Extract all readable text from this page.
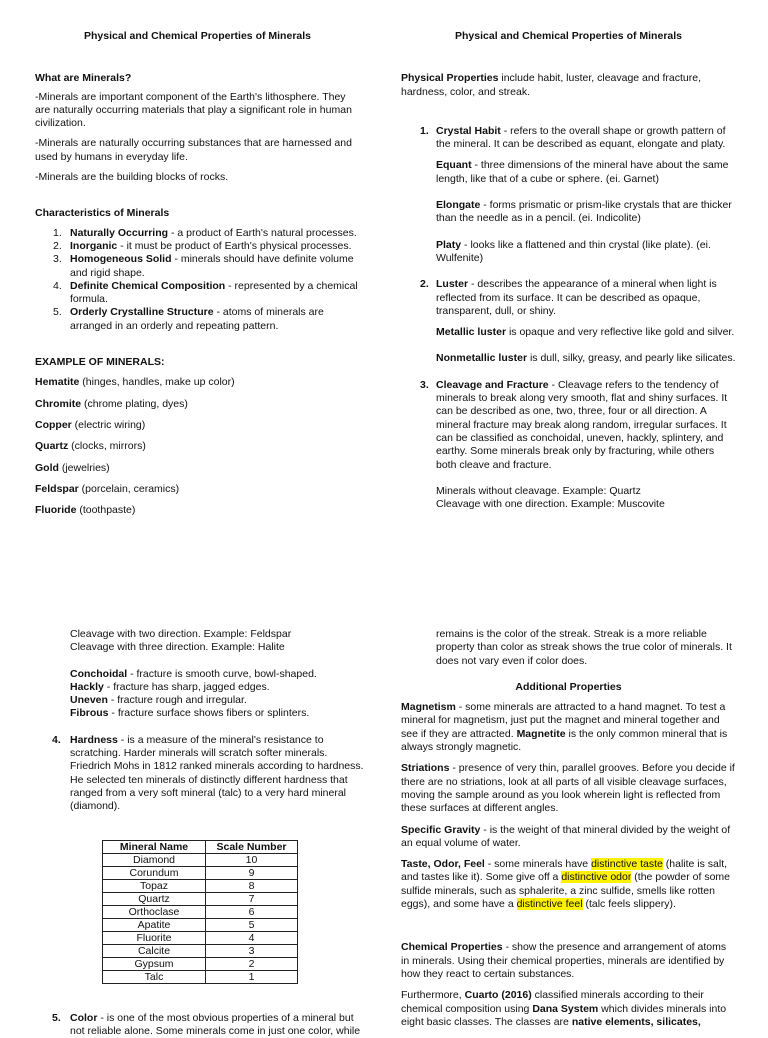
Physical and Chemical Properties of Minerals

What are Minerals?

-Minerals are important component of the Earth's lithosphere. They are naturally occurring materials that play a significant role in human civilization.

-Minerals are naturally occurring substances that are harnessed and used by humans in everyday life.

-Minerals are the building blocks of rocks.

Characteristics of Minerals

1. Naturally Occurring - a product of Earth's natural processes.
2. Inorganic - it must be product of Earth's physical processes.
3. Homogeneous Solid - minerals should have definite volume and rigid shape.
4. Definite Chemical Composition - represented by a chemical formula.
5. Orderly Crystalline Structure - atoms of minerals are arranged in an orderly and repeating pattern.

EXAMPLE OF MINERALS:

Hematite (hinges, handles, make up color)

Chromite (chrome plating, dyes)

Copper (electric wiring)

Quartz (clocks, mirrors)

Gold (jewelries)

Feldspar (porcelain, ceramics)

Fluoride (toothpaste)

Physical and Chemical Properties of Minerals

Physical Properties include habit, luster, cleavage and fracture, hardness, color, and streak.

1. Crystal Habit - refers to the overall shape or growth pattern of the mineral. It can be described as equant, elongate and platy.

Equant - three dimensions of the mineral have about the same length, like that of a cube or sphere. (ei. Garnet)

Elongate - forms prismatic or prism-like crystals that are thicker than the needle as in a pencil. (ei. Indicolite)

Platy - looks like a flattened and thin crystal (like plate). (ei. Wulfenite)

2. Luster - describes the appearance of a mineral when light is reflected from its surface. It can be described as opaque, transparent, dull, or shiny.

Metallic luster is opaque and very reflective like gold and silver.

Nonmetallic luster is dull, silky, greasy, and pearly like silicates.

3. Cleavage and Fracture - Cleavage refers to the tendency of minerals to break along very smooth, flat and shiny surfaces. It can be described as one, two, three, four or all direction. A mineral fracture may break along random, irregular surfaces. It can be classified as conchoidal, uneven, hackly, splintery, and earthy. Some minerals break only by fracturing, while others both cleave and fracture.

Minerals without cleavage. Example: Quartz

Cleavage with one direction. Example: Muscovite

Cleavage with two direction. Example: Feldspar

Cleavage with three direction. Example: Halite

Conchoidal - fracture is smooth curve, bowl-shaped.

Hackly - fracture has sharp, jagged edges.

Uneven - fracture rough and irregular.

Fibrous - fracture surface shows fibers or splinters.

4. Hardness - is a measure of the mineral's resistance to scratching. Harder minerals will scratch softer minerals. Friedrich Mohs in 1812 ranked minerals according to hardness. He selected ten minerals of distinctly different hardness that ranged from a very soft mineral (talc) to a very hard mineral (diamond).
Mineral Name	Scale Number
Diamond	10
Corundum	9
Topaz	8
Quartz	7
Orthoclase	6
Apatite	5
Fluorite	4
Calcite	3
Gypsum	2
Talc	1
5. Color - is one of the most obvious properties of a mineral but not reliable alone. Some minerals come in just one color, while

remains is the color of the streak. Streak is a more reliable property than color as streak shows the true color of minerals. It does not vary even if color does.

Additional Properties

Magnetism - some minerals are attracted to a hand magnet. To test a mineral for magnetism, just put the magnet and mineral together and see if they are attracted. Magnetite is the only common mineral that is always strongly magnetic.

Striations - presence of very thin, parallel grooves. Before you decide if there are no striations, look at all parts of all visible cleavage surfaces, moving the sample around as you look wherein light is reflected from these surfaces at different angles.

Specific Gravity - is the weight of that mineral divided by the weight of an equal volume of water.

Taste, Odor, Feel - some minerals have distinctive taste (halite is salt, and tastes like it). Some give off a distinctive odor (the powder of some sulfide minerals, such as sphalerite, a zinc sulfide, smells like rotten eggs), and some have a distinctive feel (talc feels slippery).

Chemical Properties - show the presence and arrangement of atoms in minerals. Using their chemical properties, minerals are identified by how they react to certain substances.

Furthermore, Cuarto (2016) classified minerals according to their chemical composition using Dana System which divides minerals into eight basic classes. The classes are native elements, silicates,
